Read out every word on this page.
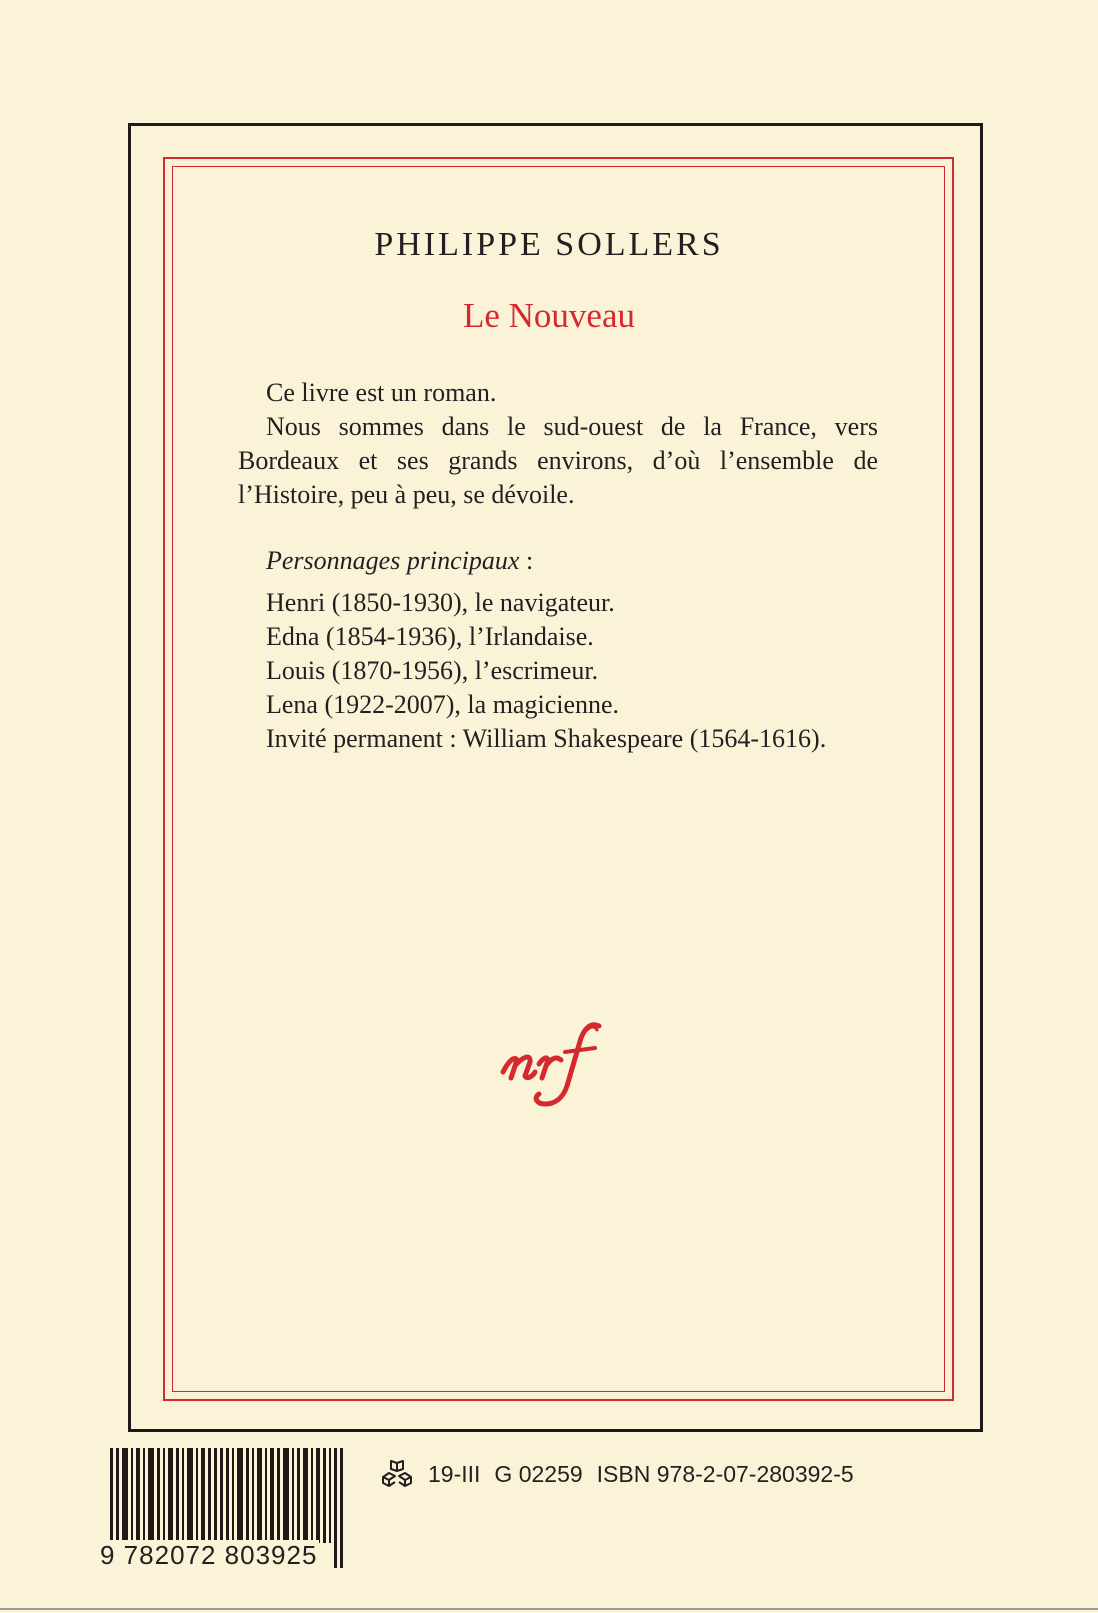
PHILIPPE SOLLERS
Le Nouveau

Ce livre est un roman.

Nous sommes dans le sud-ouest de la France, vers Bordeaux et ses grands environs, d’où l’ensemble de l’Histoire, peu à peu, se dévoile.

Personnages principaux :
Henri (1850-1930), le navigateur.
Edna (1854-1936), l’Irlandaise.
Louis (1870-1956), l’escrimeur.
Lena (1922-2007), la magicienne.
Invité permanent : William Shakespeare (1564-1616).
9 782072 803925
19-III G 02259 ISBN 978-2-07-280392-5
